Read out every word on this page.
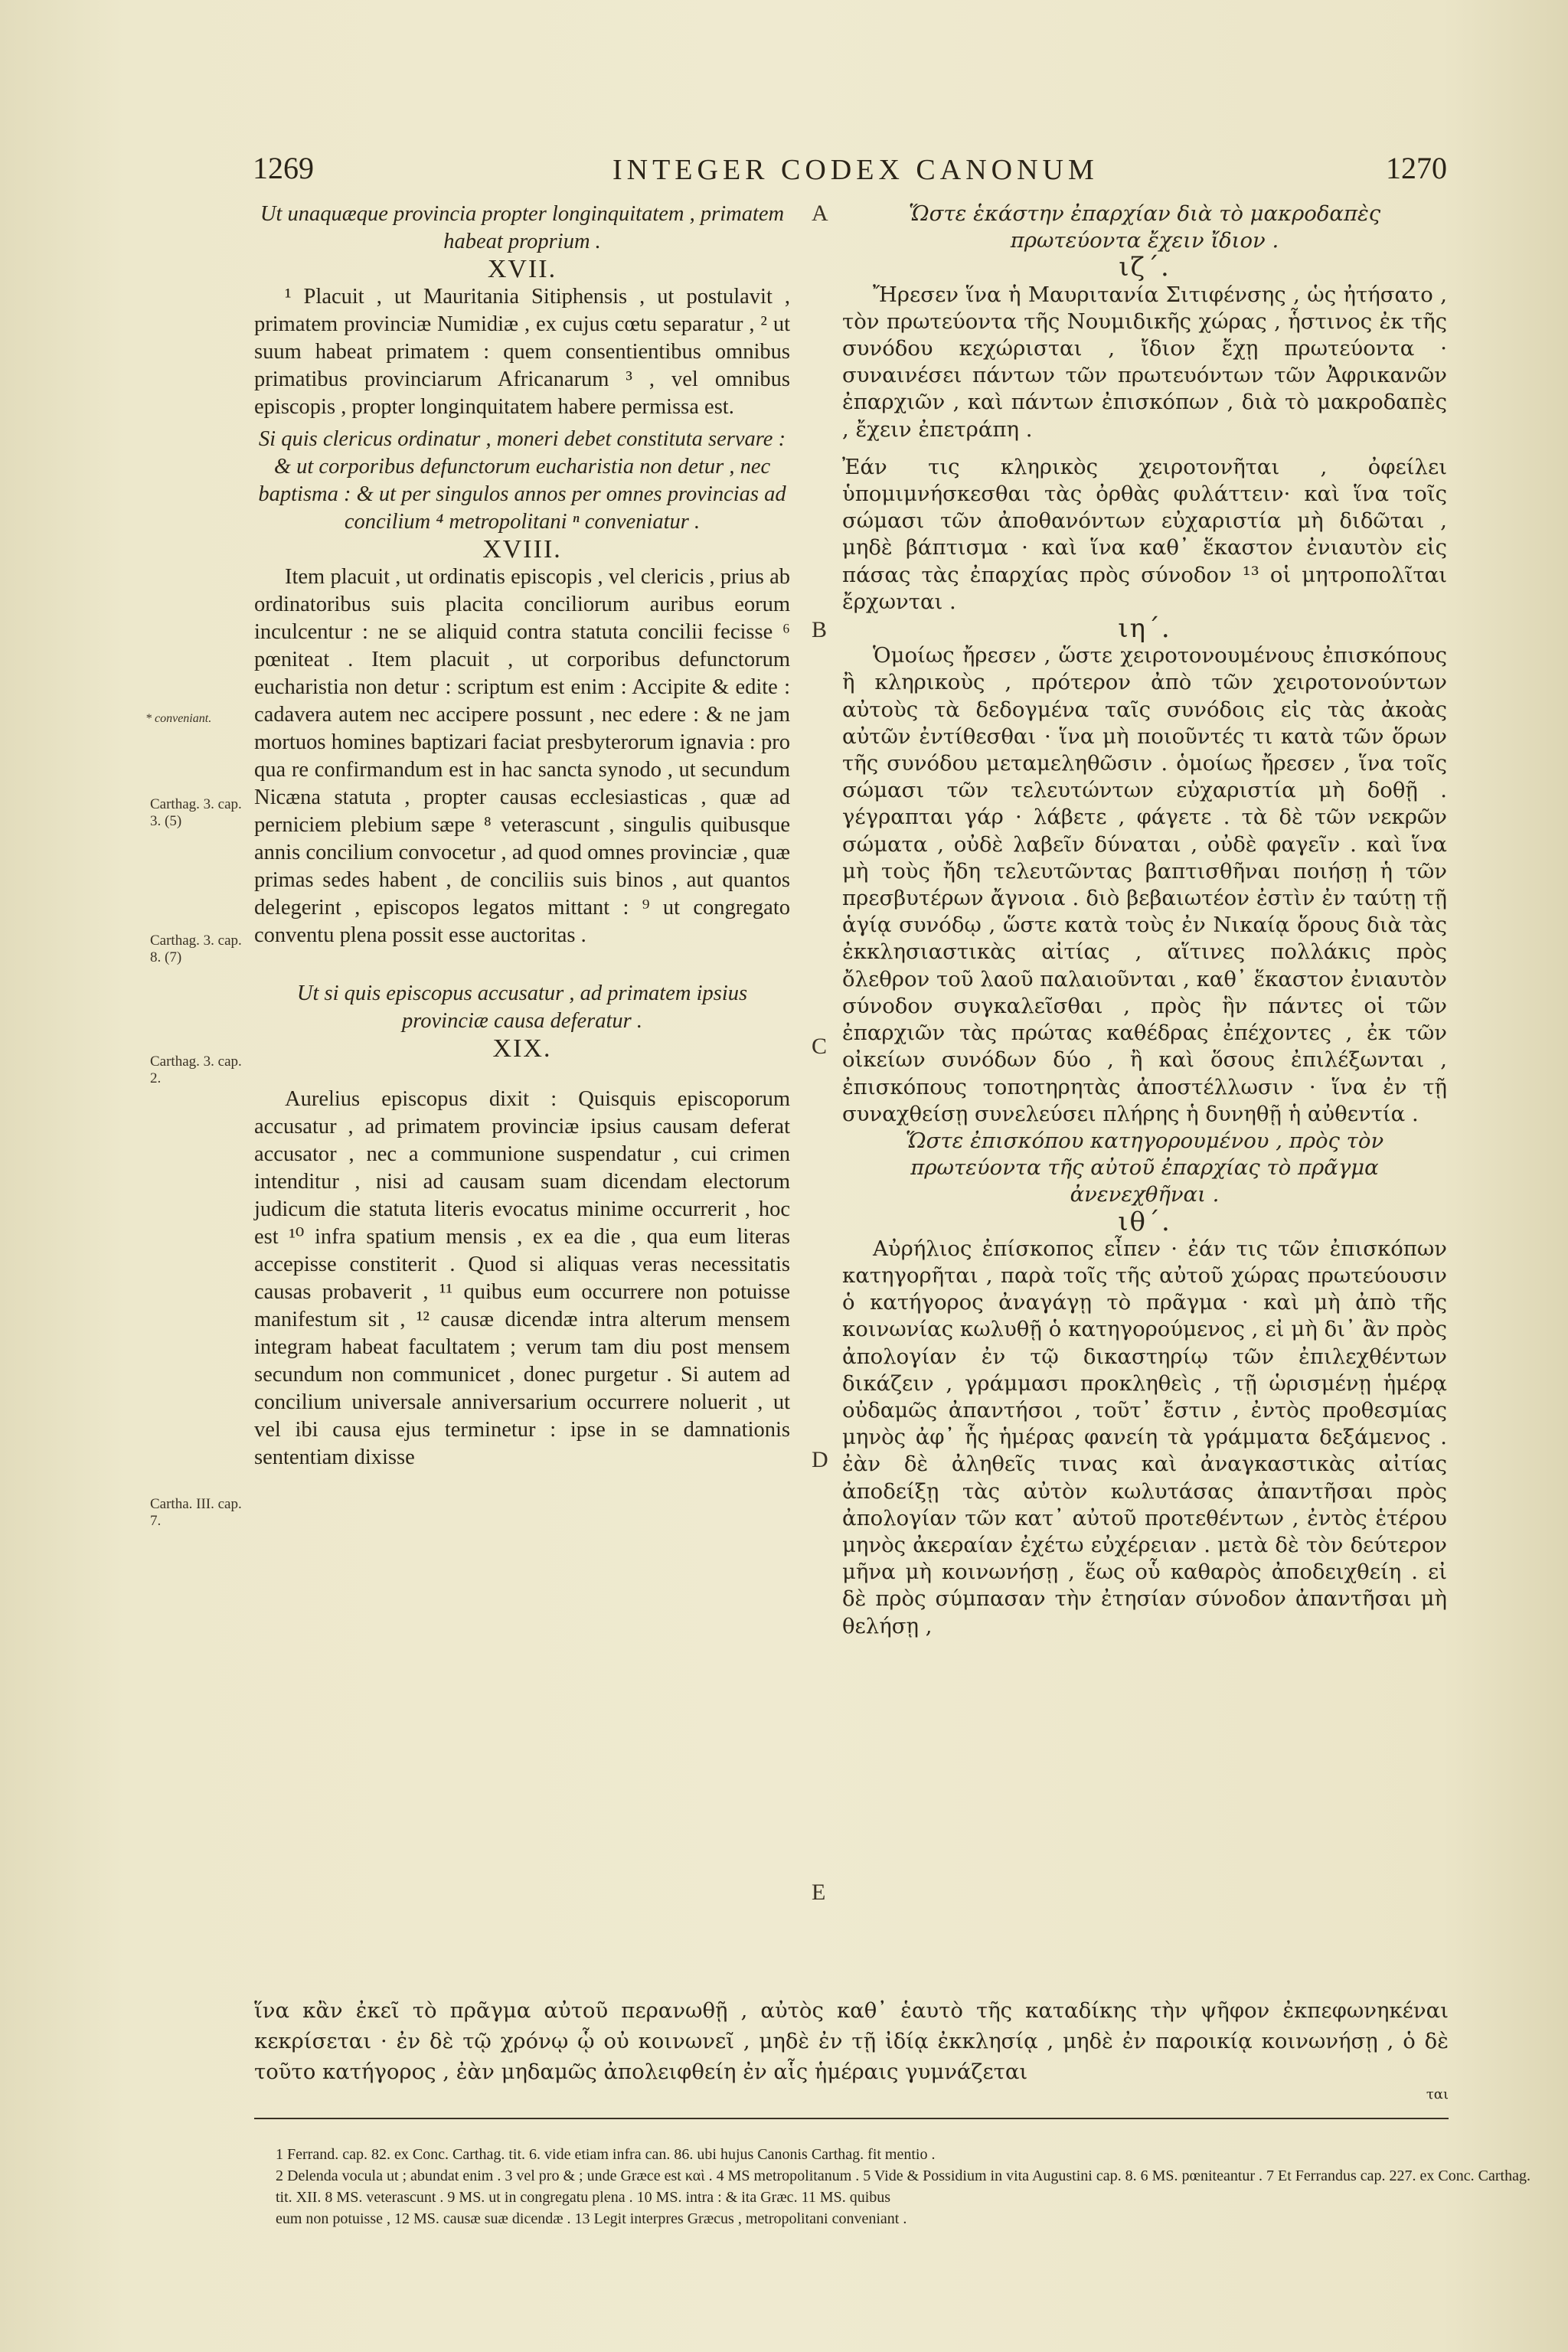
1269	INTEGER CODEX CANONUM	1270

Ut unaquæque provincia propter longinquitatem , primatem habeat proprium .

XVII.

¹ Placuit , ut Mauritania Sitiphensis , ut postulavit , primatem provinciæ Numidiæ , ex cujus cœtu separatur , ² ut suum habeat primatem : quem consentientibus omnibus primatibus provinciarum Africanarum ³ , vel omnibus episcopis , propter longinquitatem habere permissa est.

Si quis clericus ordinatur , moneri debet constituta servare : & ut corporibus defunctorum eucharistia non detur , nec baptisma : & ut per singulos annos per omnes provincias ad concilium ⁴ metropolitani ⁿ conveniatur .

XVIII.

Item placuit , ut ordinatis episcopis , vel clericis , prius ab ordinatoribus suis placita conciliorum auribus eorum inculcentur : ne se aliquid contra statuta concilii fecisse ⁶ pœniteat . Item placuit , ut corporibus defunctorum eucharistia non detur : scriptum est enim : Accipite & edite : cadavera autem nec accipere possunt , nec edere : & ne jam mortuos homines baptizari faciat presbyterorum ignavia : pro qua re confirmandum est in hac sancta synodo , ut secundum Nicæna statuta , propter causas ecclesiasticas , quæ ad perniciem plebium sæpe ⁸ veterascunt , singulis quibusque annis concilium convocetur , ad quod omnes provinciæ , quæ primas sedes habent , de conciliis suis binos , aut quantos delegerint , episcopos legatos mittant : ⁹ ut congregato conventu plena possit esse auctoritas .

Ut si quis episcopus accusatur , ad primatem ipsius provinciæ causa deferatur .

XIX.

Aurelius episcopus dixit : Quisquis episcoporum accusatur , ad primatem provinciæ ipsius causam deferat accusator , nec a communione suspendatur , cui crimen intenditur , nisi ad causam suam dicendam electorum judicum die statuta literis evocatus minime occurrerit , hoc est ¹⁰ infra spatium mensis , ex ea die , qua eum literas accepisse constiterit . Quod si aliquas veras necessitatis causas probaverit , ¹¹ quibus eum occurrere non potuisse manifestum sit , ¹² causæ dicendæ intra alterum mensem integram habeat facultatem ; verum tam diu post mensem secundum non communicet , donec purgetur . Si autem ad concilium universale anniversarium occurrere noluerit , ut vel ibi causa ejus terminetur : ipse in se damnationis sententiam dixisse

Ὥστε ἑκάστην ἐπαρχίαν διὰ τὸ μακροδαπὲς πρωτεύοντα ἔχειν ἴδιον .

ιζ΄.

Ἤρεσεν ἵνα ἡ Μαυριτανία Σιτιφένσης , ὡς ἠτήσατο , τὸν πρωτεύοντα τῆς Νουμιδικῆς χώρας , ἧστινος ἐκ τῆς συνόδου κεχώρισται , ἴδιον ἔχῃ πρωτεύοντα · συναινέσει πάντων τῶν πρωτευόντων τῶν Ἀφρικανῶν ἐπαρχιῶν , καὶ πάντων ἐπισκόπων , διὰ τὸ μακροδαπὲς , ἔχειν ἐπετράπη .

Ἐάν τις κληρικὸς χειροτονῆται , ὀφείλει ὑπομιμνήσκεσθαι τὰς ὀρθὰς φυλάττειν· καὶ ἵνα τοῖς σώμασι τῶν ἀποθανόντων εὐχαριστία μὴ διδῶται , μηδὲ βάπτισμα · καὶ ἵνα καθ᾽ ἕκαστον ἐνιαυτὸν εἰς πάσας τὰς ἐπαρχίας πρὸς σύνοδον ¹³ οἱ μητροπολῖται ἔρχωνται .

ιη΄.

Ὁμοίως ἤρεσεν , ὥστε χειροτονουμένους ἐπισκόπους ἢ κληρικοὺς , πρότερον ἀπὸ τῶν χειροτονούντων αὐτοὺς τὰ δεδογμένα ταῖς συνόδοις εἰς τὰς ἀκοὰς αὐτῶν ἐντίθεσθαι · ἵνα μὴ ποιοῦντές τι κατὰ τῶν ὅρων τῆς συνόδου μεταμεληθῶσιν . ὁμοίως ἤρεσεν , ἵνα τοῖς σώμασι τῶν τελευτώντων εὐχαριστία μὴ δοθῇ . γέγραπται γάρ · λάβετε , φάγετε . τὰ δὲ τῶν νεκρῶν σώματα , οὐδὲ λαβεῖν δύναται , οὐδὲ φαγεῖν . καὶ ἵνα μὴ τοὺς ἤδη τελευτῶντας βαπτισθῆναι ποιήσῃ ἡ τῶν πρεσβυτέρων ἄγνοια . διὸ βεβαιωτέον ἐστὶν ἐν ταύτῃ τῇ ἁγίᾳ συνόδῳ , ὥστε κατὰ τοὺς ἐν Νικαίᾳ ὅρους διὰ τὰς ἐκκλησιαστικὰς αἰτίας , αἵτινες πολλάκις πρὸς ὄλεθρον τοῦ λαοῦ παλαιοῦνται , καθ᾽ ἕκαστον ἐνιαυτὸν σύνοδον συγκαλεῖσθαι , πρὸς ἣν πάντες οἱ τῶν ἐπαρχιῶν τὰς πρώτας καθέδρας ἐπέχοντες , ἐκ τῶν οἰκείων συνόδων δύο , ἢ καὶ ὅσους ἐπιλέξωνται , ἐπισκόπους τοποτηρητὰς ἀποστέλλωσιν · ἵνα ἐν τῇ συναχθείσῃ συνελεύσει πλήρης ἡ δυνηθῇ ἡ αὐθεντία .

Ὥστε ἐπισκόπου κατηγορουμένου , πρὸς τὸν πρωτεύοντα τῆς αὐτοῦ ἐπαρχίας τὸ πρᾶγμα ἀνενεχθῆναι .

ιθ΄.

Αὐρήλιος ἐπίσκοπος εἶπεν · ἐάν τις τῶν ἐπισκόπων κατηγορῆται , παρὰ τοῖς τῆς αὐτοῦ χώρας πρωτεύουσιν ὁ κατήγορος ἀναγάγῃ τὸ πρᾶγμα · καὶ μὴ ἀπὸ τῆς κοινωνίας κωλυθῇ ὁ κατηγορούμενος , εἰ μὴ δι᾽ ἂν πρὸς ἀπολογίαν ἐν τῷ δικαστηρίῳ τῶν ἐπιλεχθέντων δικάζειν , γράμμασι προκληθεὶς , τῇ ὡρισμένῃ ἡμέρᾳ οὐδαμῶς ἀπαντήσοι , τοῦτ᾽ ἔστιν , ἐντὸς προθεσμίας μηνὸς ἀφ᾽ ἧς ἡμέρας φανείη τὰ γράμματα δεξάμενος . ἐὰν δὲ ἀληθεῖς τινας καὶ ἀναγκαστικὰς αἰτίας ἀποδείξῃ τὰς αὐτὸν κωλυτάσας ἀπαντῆσαι πρὸς ἀπολογίαν τῶν κατ᾽ αὐτοῦ προτεθέντων , ἐντὸς ἑτέρου μηνὸς ἀκεραίαν ἐχέτω εὐχέρειαν . μετὰ δὲ τὸν δεύτερον μῆνα μὴ κοινωνήσῃ , ἕως οὗ καθαρὸς ἀποδειχθείη . εἰ δὲ πρὸς σύμπασαν τὴν ἐτησίαν σύνοδον ἀπαντῆσαι μὴ θελήσῃ ,

A
B
C
D
E
* conveniant.
Carthag. 3. cap. 3. (5)
Carthag. 3. cap. 8. (7)
Carthag. 3. cap. 2.
Cartha. III. cap. 7.

ἵνα κἂν ἐκεῖ τὸ πρᾶγμα αὐτοῦ περανωθῇ , αὐτὸς καθ᾽ ἑαυτὸ τῆς καταδίκης τὴν ψῆφον ἐκπεφωνηκέναι κεκρίσεται · ἐν δὲ τῷ χρόνῳ ᾧ οὐ κοινωνεῖ , μηδὲ ἐν τῇ ἰδίᾳ ἐκκλησίᾳ , μηδὲ ἐν παροικίᾳ κοινωνήσῃ , ὁ δὲ τοῦτο κατήγορος , ἐὰν μηδαμῶς ἀπολειφθείη ἐν αἷς ἡμέραις γυμνάζεται

ται

1 Ferrand. cap. 82. ex Conc. Carthag. tit. 6. vide etiam infra can. 86. ubi hujus Canonis Carthag. fit mentio .

2 Delenda vocula ut ; abundat enim . 3 vel pro & ; unde Græce est καὶ . 4 MS metropolitanum . 5 Vide & Possidium in vita Augustini cap. 8. 6 MS. pœniteantur . 7 Et Ferrandus cap. 227. ex Conc. Carthag.

tit. XII. 8 MS. veterascunt . 9 MS. ut in congregatu plena . 10 MS. intra : & ita Græc. 11 MS. quibus

eum non potuisse , 12 MS. causæ suæ dicendæ . 13 Legit interpres Græcus , metropolitani conveniant .
